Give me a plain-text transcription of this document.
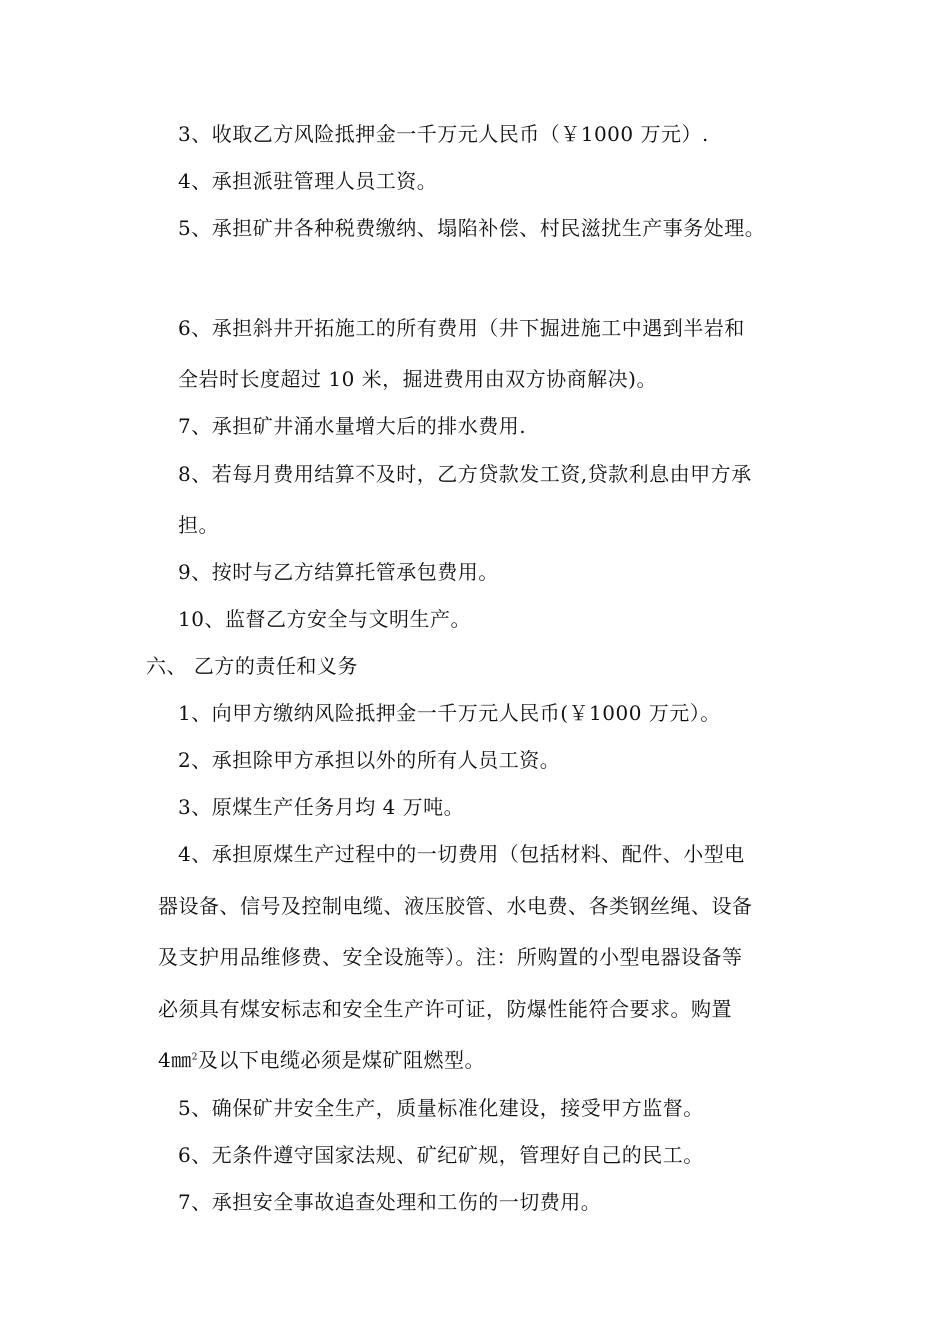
3、收取乙方风险抵押金一千万元人民币（￥1000 万元）.
4、承担派驻管理人员工资。
5、承担矿井各种税费缴纳、塌陷补偿、村民滋扰生产事务处理。
6、承担斜井开拓施工的所有费用（井下掘进施工中遇到半岩和
全岩时长度超过 10 米，掘进费用由双方协商解决)。
7、承担矿井涌水量增大后的排水费用.
8、若每月费用结算不及时，乙方贷款发工资,贷款利息由甲方承
担。
9、按时与乙方结算托管承包费用。
10、监督乙方安全与文明生产。
六、 乙方的责任和义务
1、向甲方缴纳风险抵押金一千万元人民币(￥1000 万元）。
2、承担除甲方承担以外的所有人员工资。
3、原煤生产任务月均 4 万吨。
4、承担原煤生产过程中的一切费用（包括材料、配件、小型电
器设备、信号及控制电缆、液压胶管、水电费、各类钢丝绳、设备
及支护用品维修费、安全设施等）。注：所购置的小型电器设备等
必须具有煤安标志和安全生产许可证，防爆性能符合要求。购置
4㎜$^2$及以下电缆必须是煤矿阻燃型。
5、确保矿井安全生产，质量标准化建设，接受甲方监督。
6、无条件遵守国家法规、矿纪矿规，管理好自己的民工。
7、承担安全事故追查处理和工伤的一切费用。
